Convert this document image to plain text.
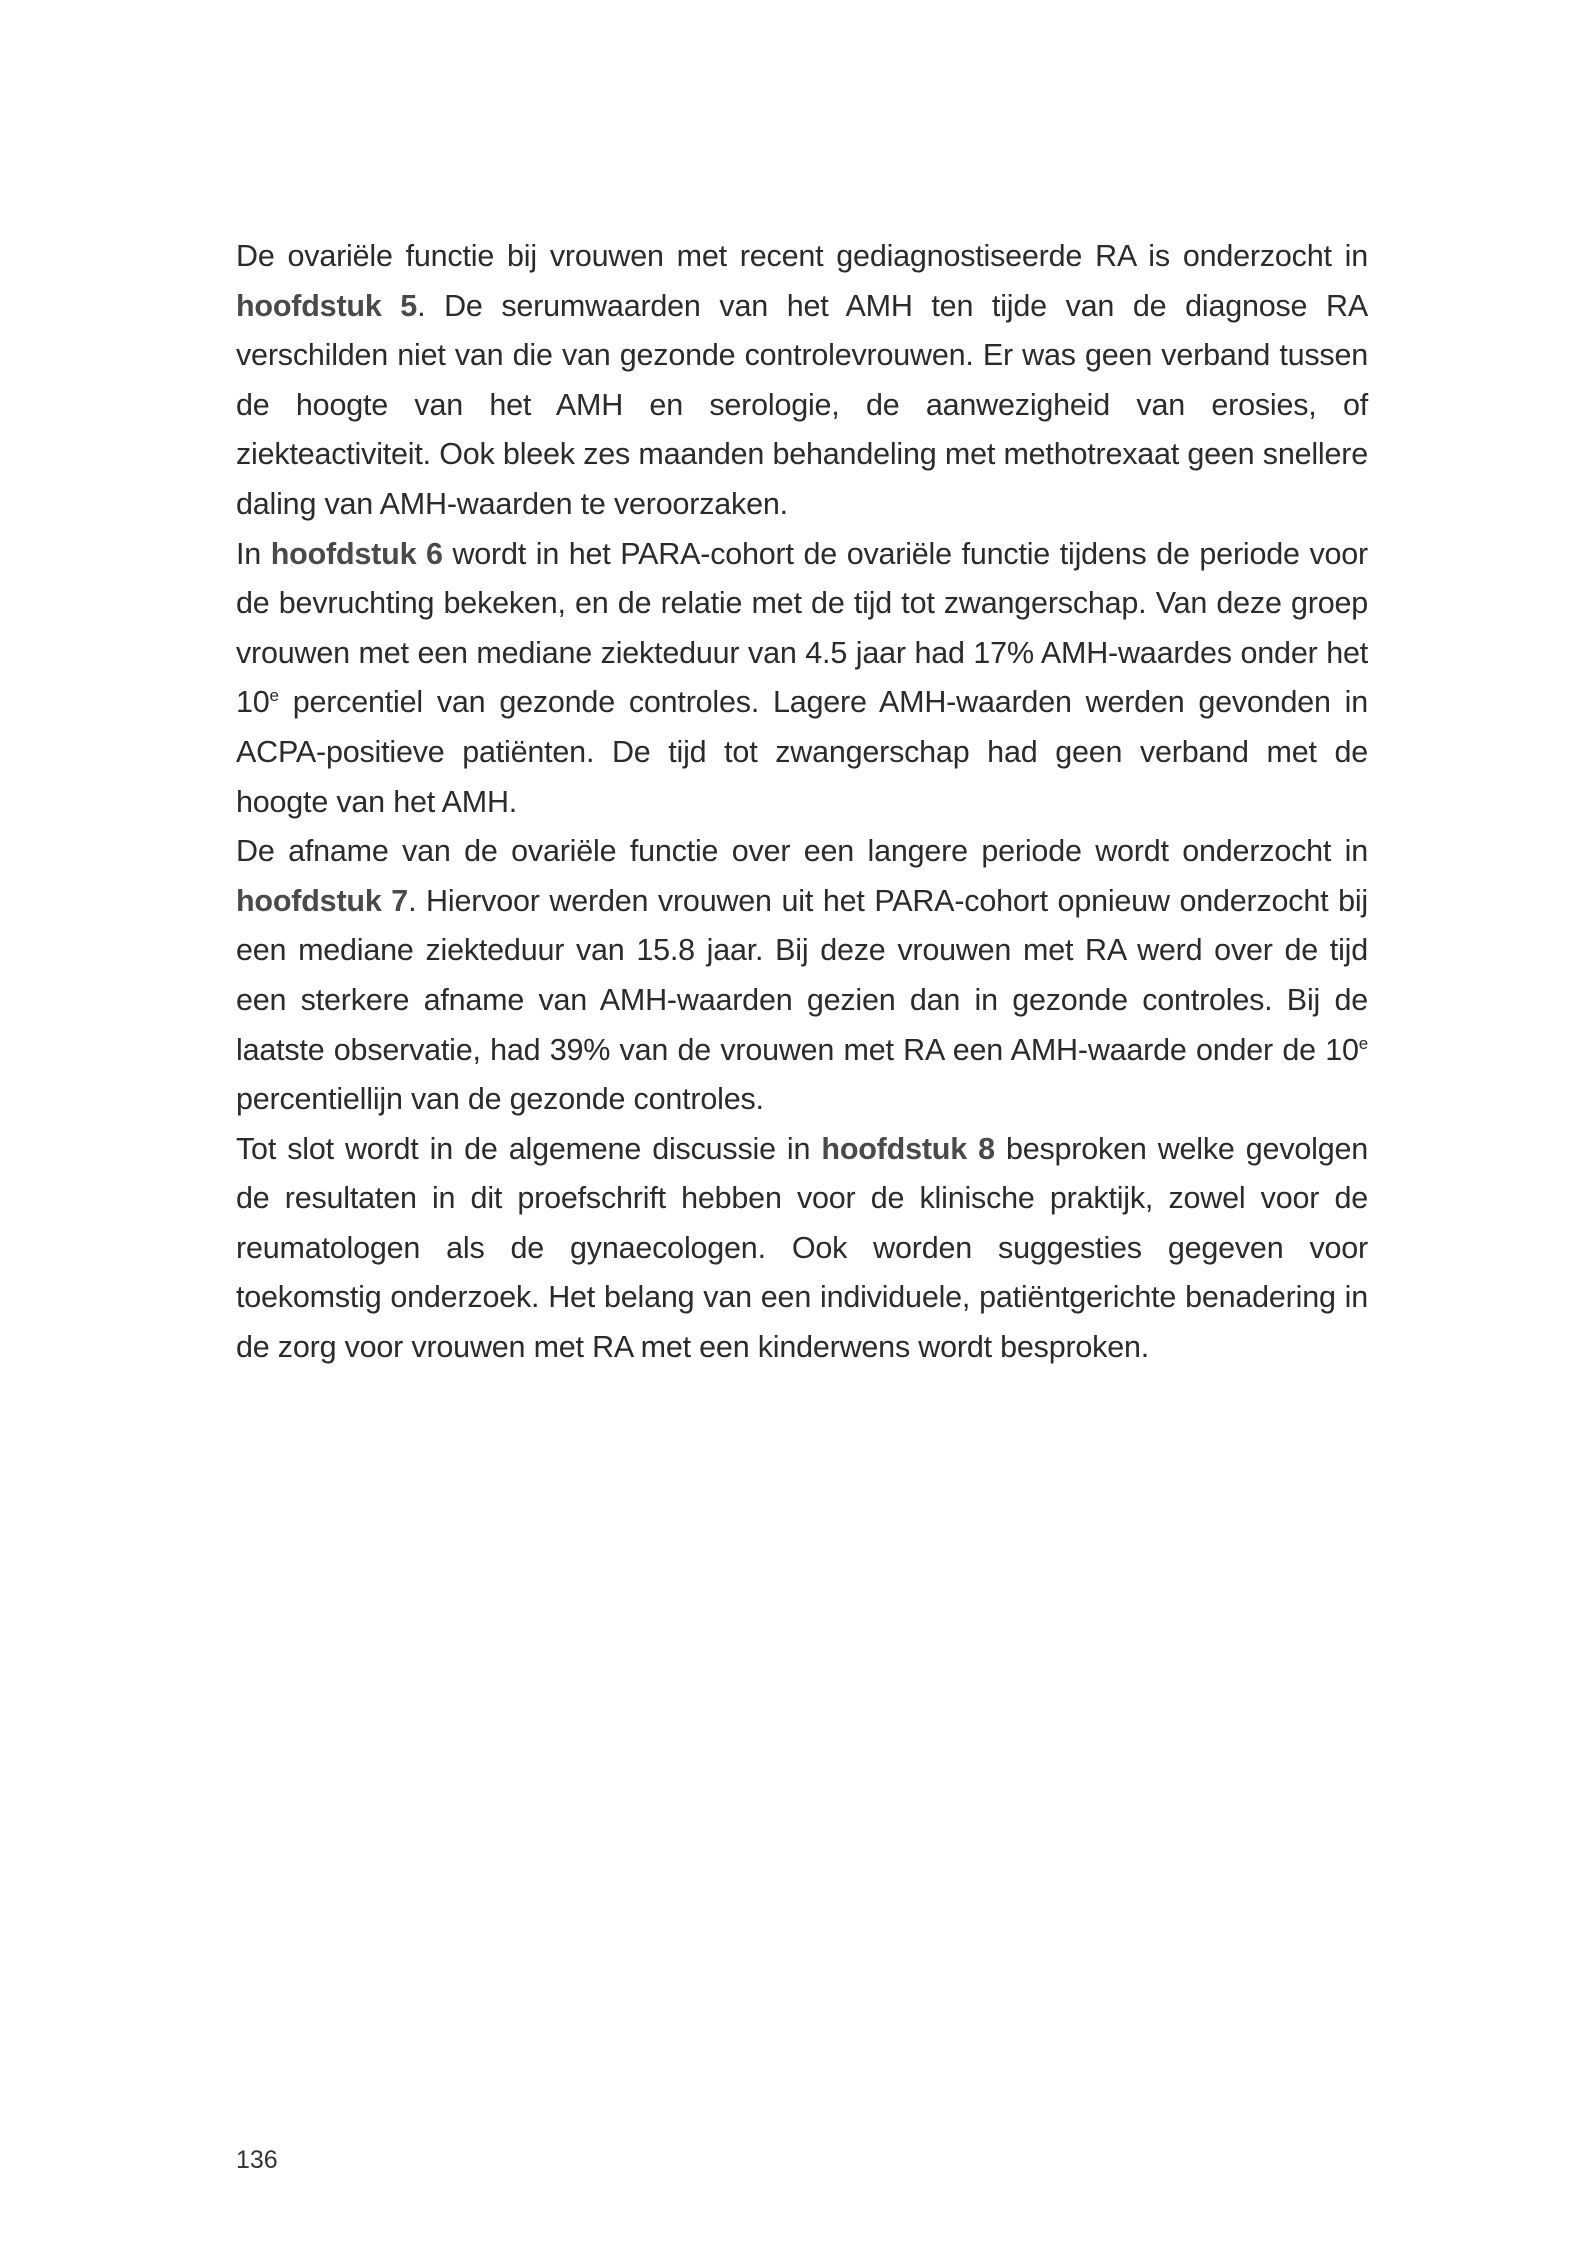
De ovariële functie bij vrouwen met recent gediagnostiseerde RA is onderzocht in hoofdstuk 5. De serumwaarden van het AMH ten tijde van de diagnose RA verschilden niet van die van gezonde controlevrouwen. Er was geen verband tussen de hoogte van het AMH en serologie, de aanwezigheid van erosies, of ziekteactiviteit. Ook bleek zes maanden behandeling met methotrexaat geen snellere daling van AMH-waarden te veroorzaken.

In hoofdstuk 6 wordt in het PARA-cohort de ovariële functie tijdens de periode voor de bevruchting bekeken, en de relatie met de tijd tot zwangerschap. Van deze groep vrouwen met een mediane ziekteduur van 4.5 jaar had 17% AMH-waardes onder het 10e percentiel van gezonde controles. Lagere AMH-waarden werden gevonden in ACPA-positieve patiënten. De tijd tot zwangerschap had geen verband met de hoogte van het AMH.

De afname van de ovariële functie over een langere periode wordt onderzocht in hoofdstuk 7. Hiervoor werden vrouwen uit het PARA-cohort opnieuw onderzocht bij een mediane ziekteduur van 15.8 jaar. Bij deze vrouwen met RA werd over de tijd een sterkere afname van AMH-waarden gezien dan in gezonde controles. Bij de laatste observatie, had 39% van de vrouwen met RA een AMH-waarde onder de 10e percentiellijn van de gezonde controles.

Tot slot wordt in de algemene discussie in hoofdstuk 8 besproken welke gevolgen de resultaten in dit proefschrift hebben voor de klinische praktijk, zowel voor de reumatologen als de gynaecologen. Ook worden suggesties gegeven voor toekomstig onderzoek. Het belang van een individuele, patiëntgerichte benadering in de zorg voor vrouwen met RA met een kinderwens wordt besproken.

136
